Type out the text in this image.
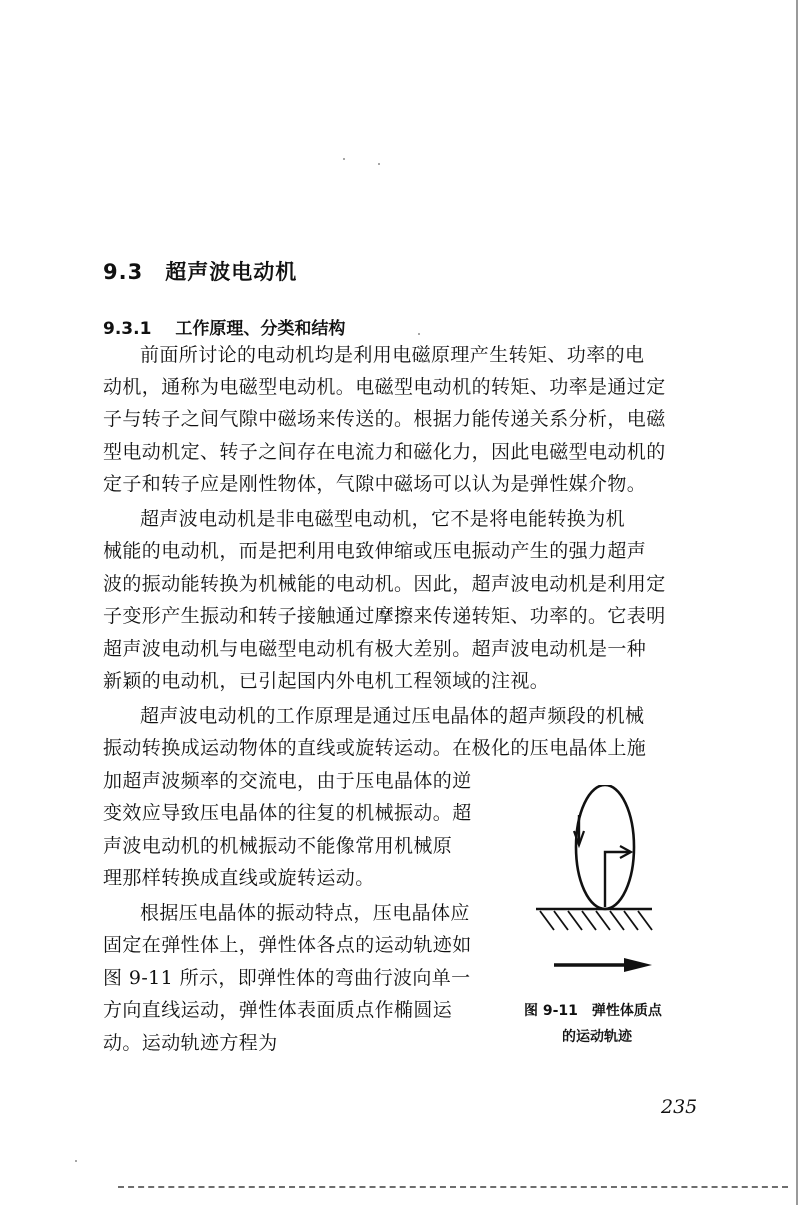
9.3 超声波电动机
9.3.1 工作原理、分类和结构
前面所讨论的电动机均是利用电磁原理产生转矩、功率的电
动机，通称为电磁型电动机。电磁型电动机的转矩、功率是通过定
子与转子之间气隙中磁场来传送的。根据力能传递关系分析，电磁
型电动机定、转子之间存在电流力和磁化力，因此电磁型电动机的
定子和转子应是刚性物体，气隙中磁场可以认为是弹性媒介物。
超声波电动机是非电磁型电动机，它不是将电能转换为机
械能的电动机，而是把利用电致伸缩或压电振动产生的强力超声
波的振动能转换为机械能的电动机。因此，超声波电动机是利用定
子变形产生振动和转子接触通过摩擦来传递转矩、功率的。它表明
超声波电动机与电磁型电动机有极大差别。超声波电动机是一种
新颖的电动机，已引起国内外电机工程领域的注视。
超声波电动机的工作原理是通过压电晶体的超声频段的机械
振动转换成运动物体的直线或旋转运动。在极化的压电晶体上施
加超声波频率的交流电，由于压电晶体的逆
变效应导致压电晶体的往复的机械振动。超
声波电动机的机械振动不能像常用机械原
理那样转换成直线或旋转运动。
根据压电晶体的振动特点，压电晶体应
固定在弹性体上，弹性体各点的运动轨迹如
图 9-11 所示，即弹性体的弯曲行波向单一
方向直线运动，弹性体表面质点作椭圆运
动。运动轨迹方程为
图 9-11　弹性体质点
的运动轨迹
235
